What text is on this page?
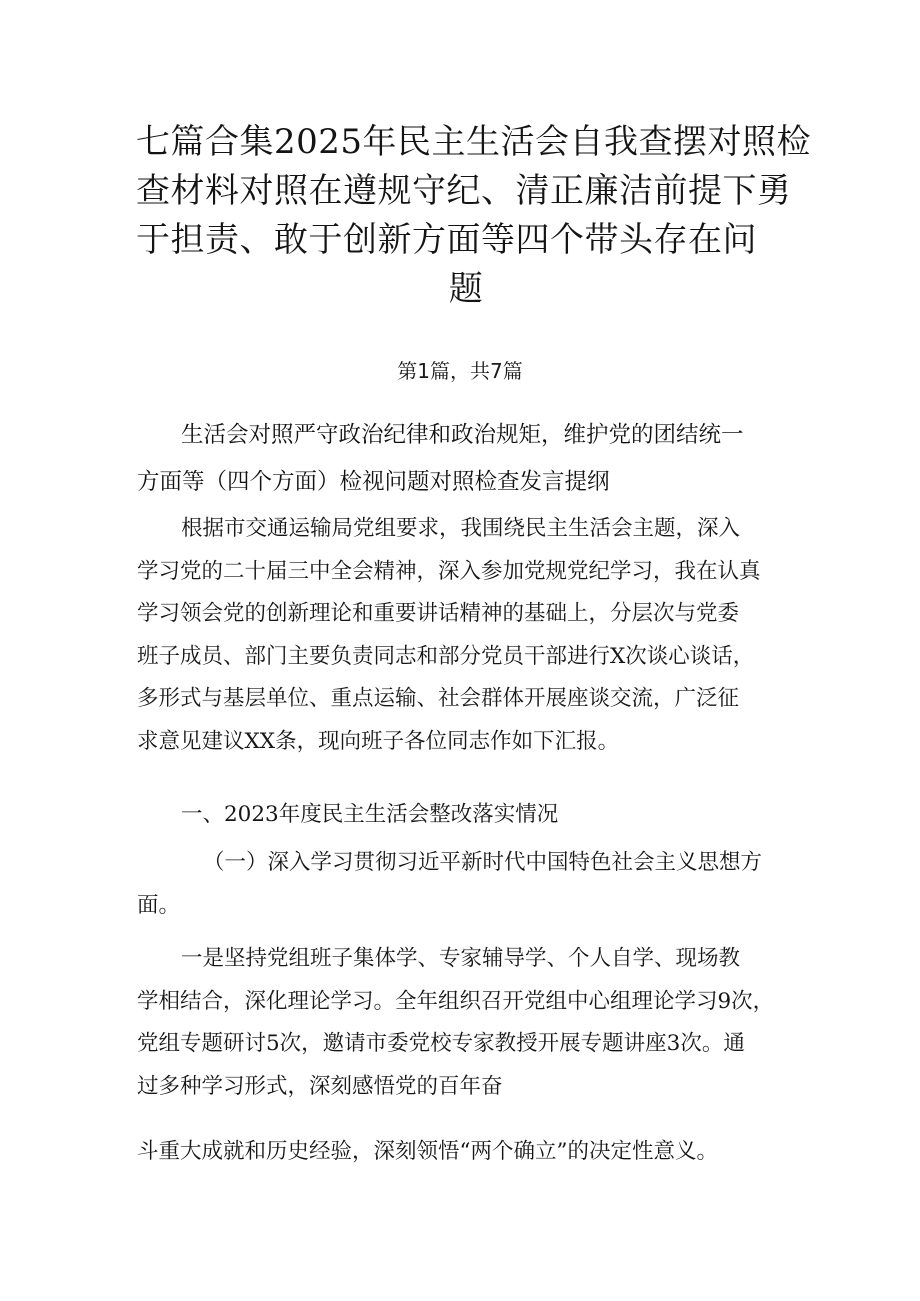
七篇合集2025年民主生活会自我查摆对照检
查材料对照在遵规守纪、清正廉洁前提下勇
于担责、敢于创新方面等四个带头存在问
题
第1篇，共7篇
生活会对照严守政治纪律和政治规矩，维护党的团结统一
方面等（四个方面）检视问题对照检查发言提纲
根据市交通运输局党组要求，我围绕民主生活会主题，深入
学习党的二十届三中全会精神，深入参加党规党纪学习，我在认真
学习领会党的创新理论和重要讲话精神的基础上，分层次与党委
班子成员、部门主要负责同志和部分党员干部进行X次谈心谈话，
多形式与基层单位、重点运输、社会群体开展座谈交流，广泛征
求意见建议XX条，现向班子各位同志作如下汇报。
一、2023年度民主生活会整改落实情况
（一）深入学习贯彻习近平新时代中国特色社会主义思想方
面。
一是坚持党组班子集体学、专家辅导学、个人自学、现场教
学相结合，深化理论学习。全年组织召开党组中心组理论学习9次，
党组专题研讨5次，邀请市委党校专家教授开展专题讲座3次。通
过多种学习形式，深刻感悟党的百年奋
斗重大成就和历史经验，深刻领悟“两个确立”的决定性意义。
